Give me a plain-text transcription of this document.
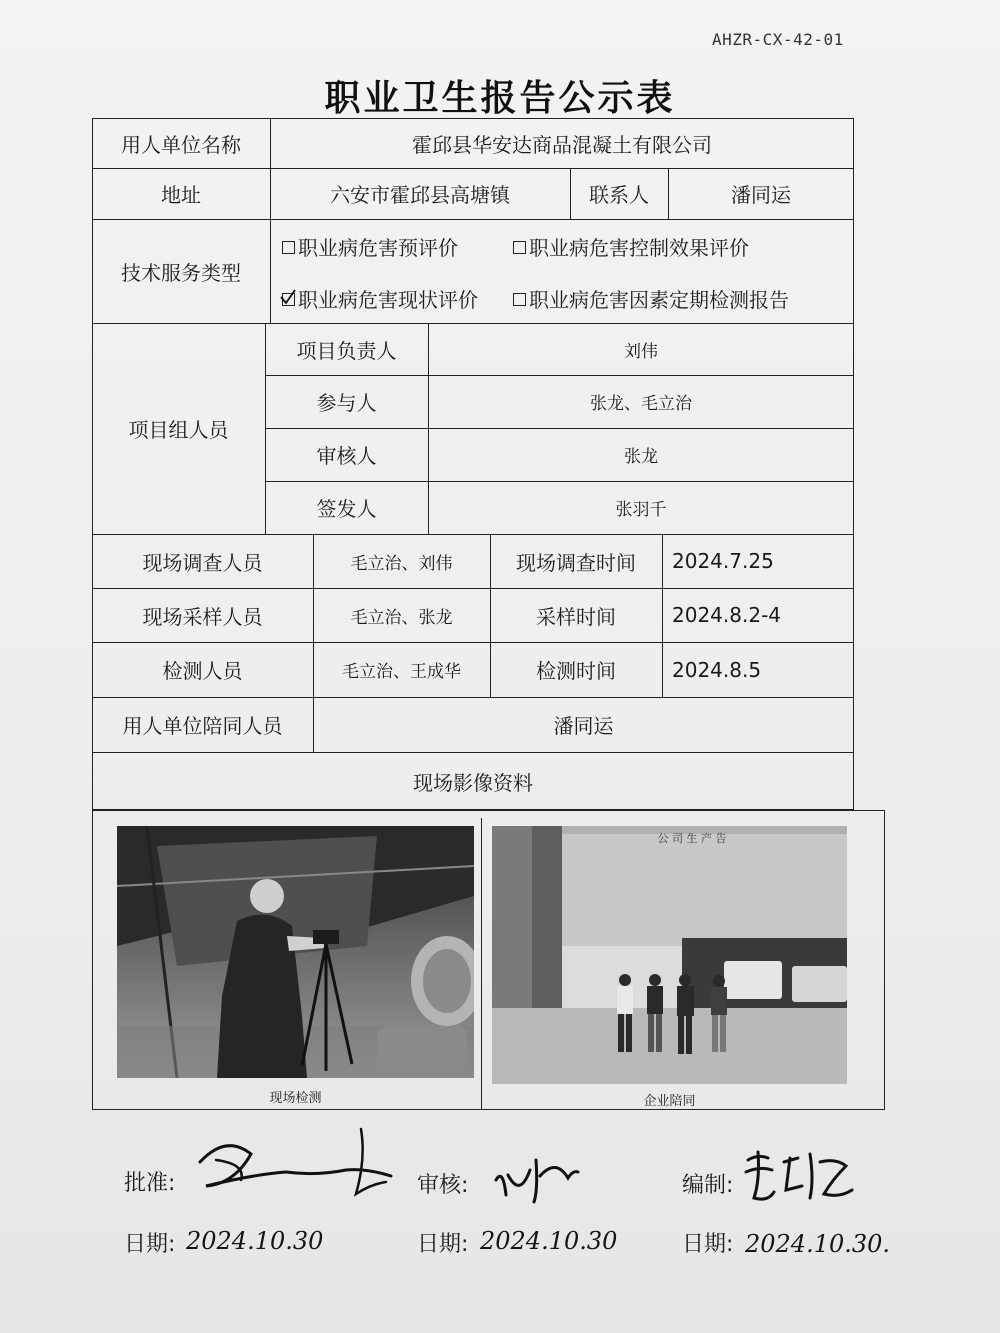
AHZR-CX-42-01
职业卫生报告公示表
用人单位名称	霍邱县华安达商品混凝土有限公司
地址	六安市霍邱县高塘镇	联系人	潘同运
技术服务类型
职业病危害预评价	职业病危害控制效果评价
职业病危害现状评价	职业病危害因素定期检测报告
项目组人员
项目负责人	刘伟
参与人	张龙、毛立治
审核人	张龙
签发人	张羽千
现场调查人员	毛立治、刘伟	现场调查时间	2024.7.25
现场采样人员	毛立治、张龙	采样时间	2024.8.2-4
检测人员	毛立治、王成华	检测时间	2024.8.5
用人单位陪同人员	潘同运
现场影像资料
现场检测
公 司 生 产 告
企业陪同
批准:	审核:	编制:
日期: 2024.10.30	日期: 2024.10.30	日期: 2024.10.30.
